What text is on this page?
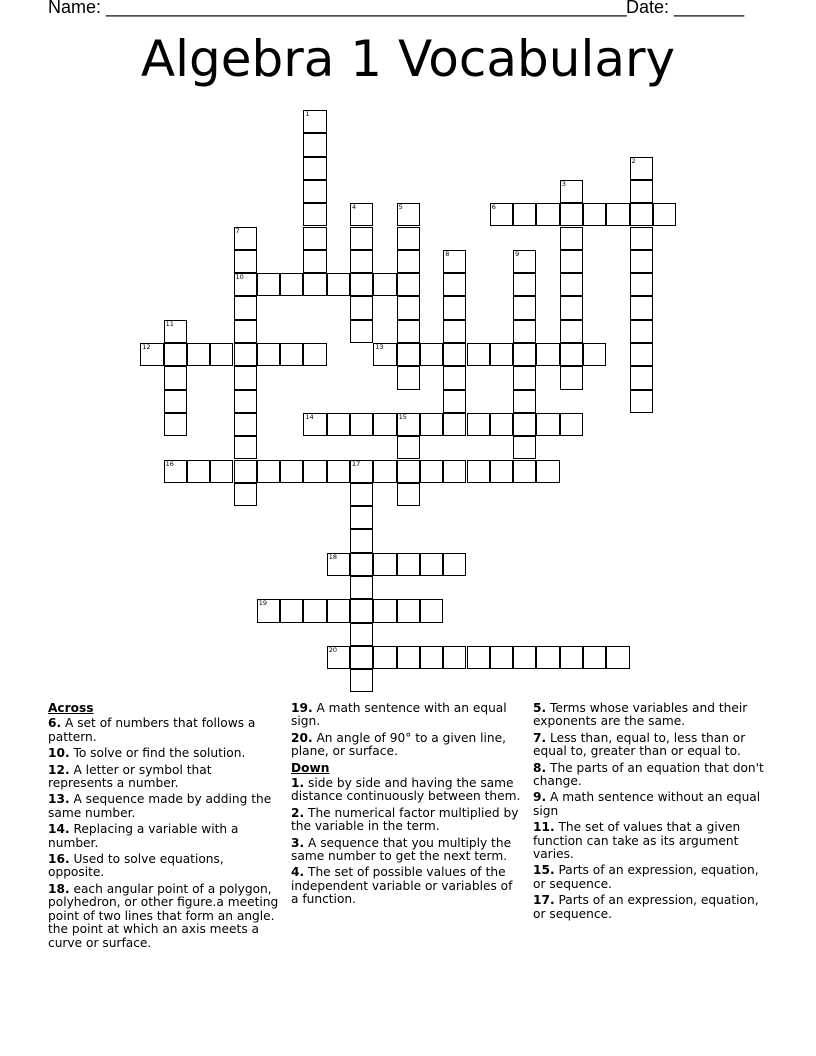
Name: ____________________________________________________ Date: _______
Algebra 1 Vocabulary
6
10
12	13
14	15
16	17
18
19
20
1
2
3
4	5
7
8	9
11
Across
6. A set of numbers that follows a pattern.
10. To solve or find the solution.
12. A letter or symbol that represents a number.
13. A sequence made by adding the same number.
14. Replacing a variable with a number.
16. Used to solve equations, opposite.
18. each angular point of a polygon, polyhedron, or other figure.a meeting point of two lines that form an angle. the point at which an axis meets a curve or surface.
19. A math sentence with an equal sign.
20. An angle of 90° to a given line, plane, or surface.
Down
1. side by side and having the same distance continuously between them.
2. The numerical factor multiplied by the variable in the term.
3. A sequence that you multiply the same number to get the next term.
4. The set of possible values of the independent variable or variables of a function.
5. Terms whose variables and their exponents are the same.
7. Less than, equal to, less than or equal to, greater than or equal to.
8. The parts of an equation that don't change.
9. A math sentence without an equal sign
11. The set of values that a given function can take as its argument varies.
15. Parts of an expression, equation, or sequence.
17. Parts of an expression, equation, or sequence.
